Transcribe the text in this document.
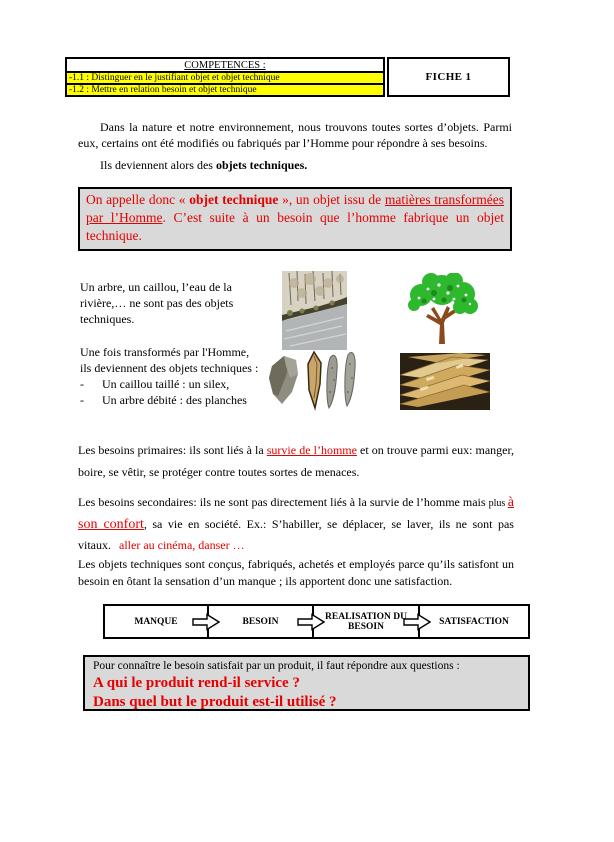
COMPETENCES :
-1.1 : Distinguer en le justifiant objet et objet technique
-1.2 : Mettre en relation besoin et objet technique
FICHE 1
Dans la nature et notre environnement, nous trouvons toutes sortes d’objets. Parmi eux, certains ont été modifiés ou fabriqués par l’Homme pour répondre à ses besoins.
Ils deviennent alors des objets techniques.
On appelle donc « objet technique », un objet issu de matières transformées par l’Homme. C’est suite à un besoin que l’homme fabrique un objet technique.
Un arbre, un caillou, l’eau de la rivière,… ne sont pas des objets techniques.
Une fois transformés par l'Homme,
ils deviennent des objets techniques :
-	Un caillou taillé : un silex,
-	Un arbre débité : des planches
Les besoins primaires: ils sont liés à la survie de l’homme et on trouve parmi eux: manger, boire, se vêtir, se protéger contre toutes sortes de menaces.
Les besoins secondaires: ils ne sont pas directement liés à la survie de l’homme mais plus à son confort, sa vie en société. Ex.: S’habiller, se déplacer, se laver, ils ne sont pas vitaux. aller au cinéma, danser …
Les objets techniques sont conçus, fabriqués, achetés et employés parce qu’ils satisfont un besoin en ôtant la sensation d’un manque ; ils apportent donc une satisfaction.
MANQUE	BESOIN	REALISATION DU BESOIN	SATISFACTION
Pour connaître le besoin satisfait par un produit, il faut répondre aux questions :
A qui le produit rend-il service ?
Dans quel but le produit est-il utilisé ?
